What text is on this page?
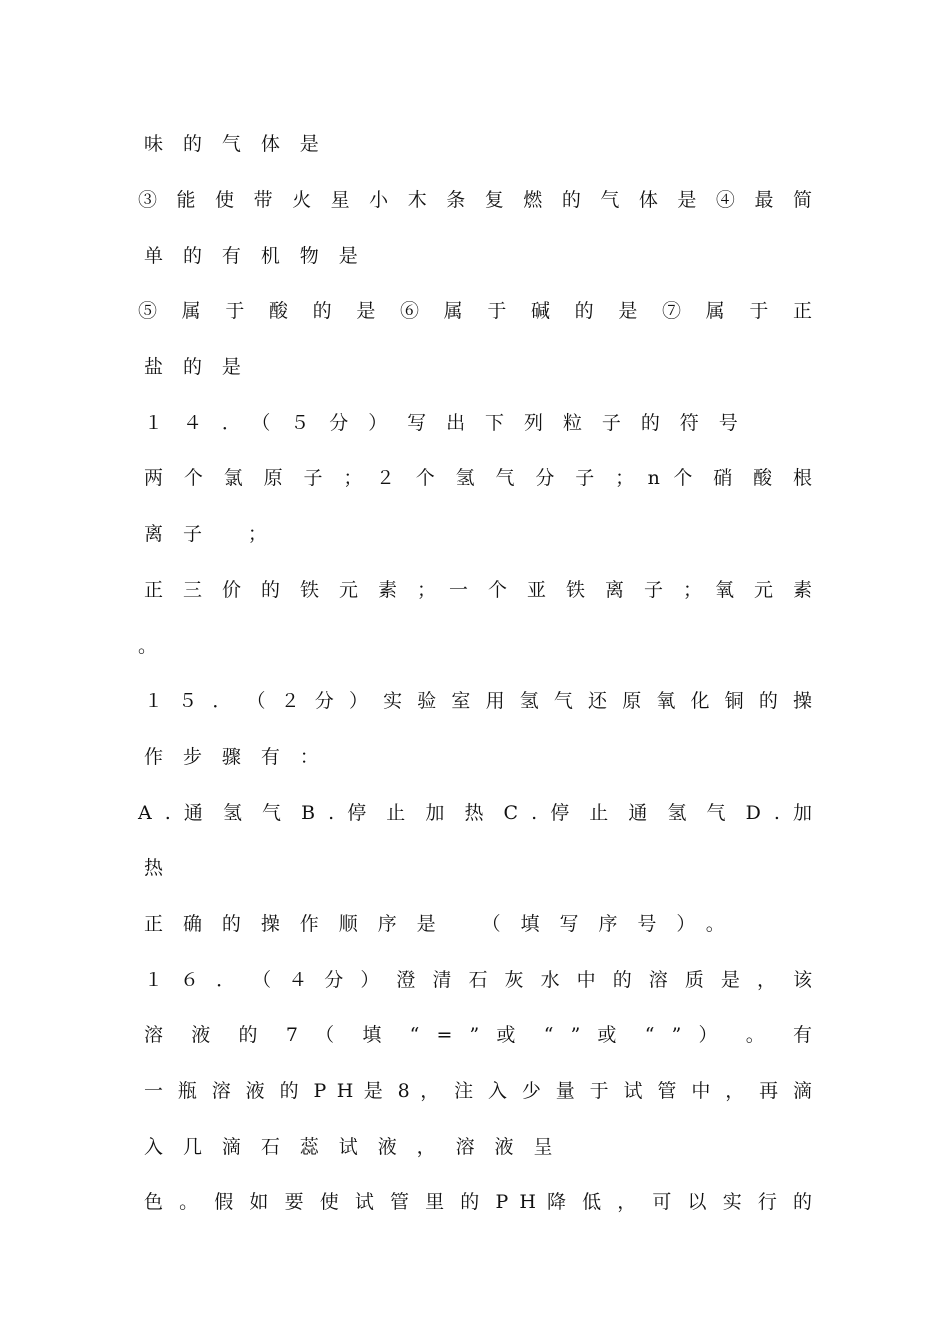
味的气体是
③ 能 使 带 火 星 小 木 条 复 燃 的 气 体 是 ④ 最 简
单的有机物是
⑤ 属 于 酸 的 是 ⑥ 属 于 碱 的 是 ⑦ 属 于 正
盐的是
１４．（５分）写出下列粒子的符号
两 个 氯 原 子 ； ２ 个 氢 气 分 子 ； n 个 硝 酸 根
离子 ；
正 三 价 的 铁 元 素 ； 一 个 亚 铁 离 子 ； 氧 元 素
。
１ ５ ． （ ２ 分 ） 实 验 室 用 氢 气 还 原 氧 化 铜 的 操
作步骤有：
A . 通 氢 气 B . 停 止 加 热 C . 停 止 通 氢 气 D . 加
热
正确的操作顺序是 （填写序号）。
１ ６ ． （ ４ 分 ） 澄 清 石 灰 水 中 的 溶 质 是 ， 该
溶 液 的 7 （ 填 “ = ” 或 “ ” 或 “ ” ） 。 有
一 瓶 溶 液 的 P H 是 8 ， 注 入 少 量 于 试 管 中 ， 再 滴
入几滴石蕊试液，溶液呈
色 。 假 如 要 使 试 管 里 的 P H 降 低 ， 可 以 实 行 的
